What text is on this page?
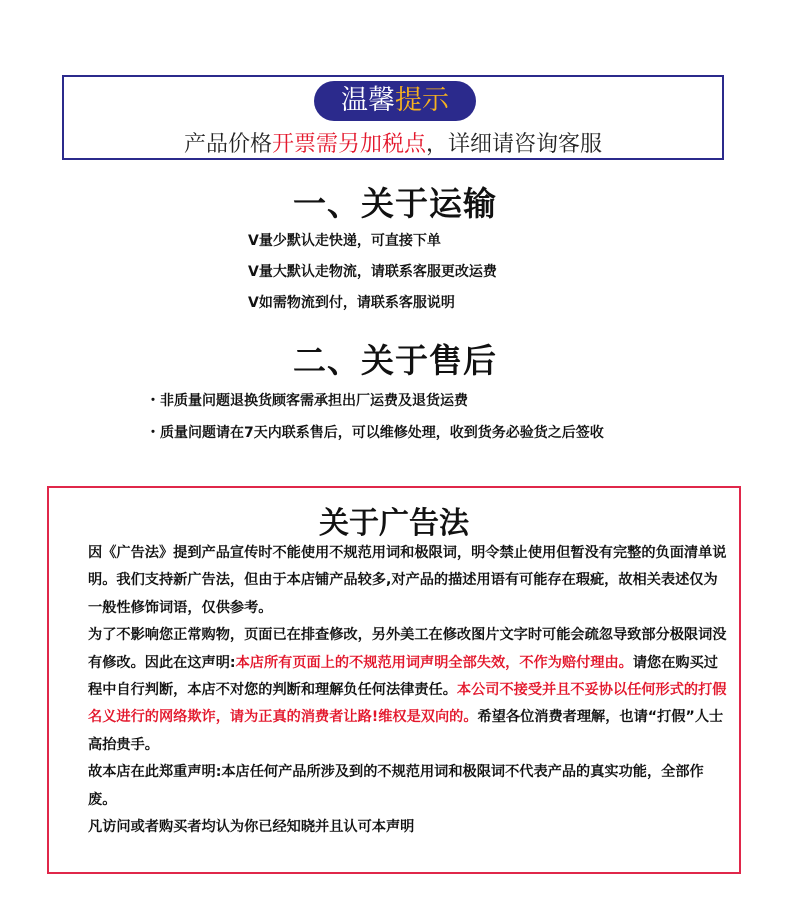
温馨提示
产品价格开票需另加税点，详细请咨询客服
一、关于运输
V量少默认走快递，可直接下单
V量大默认走物流，请联系客服更改运费
V如需物流到付，请联系客服说明
二、关于售后
・非质量问题退换货顾客需承担出厂运费及退货运费
・质量问题请在7天内联系售后，可以维修处理，收到货务必验货之后签收
关于广告法

因《广告法》提到产品宣传时不能使用不规范用词和极限词，明令禁止使用但暂没有完整的负面清单说明。我们支持新广告法，但由于本店铺产品较多,对产品的描述用语有可能存在瑕疵，故相关表述仅为一般性修饰词语，仅供参考。

为了不影响您正常购物，页面已在排查修改，另外美工在修改图片文字时可能会疏忽导致部分极限词没有修改。因此在这声明:本店所有页面上的不规范用词声明全部失效，不作为赔付理由。请您在购买过程中自行判断，本店不对您的判断和理解负任何法律责任。本公司不接受并且不妥协以任何形式的打假名义进行的网络欺诈，请为正真的消费者让路!维权是双向的。希望各位消费者理解，也请“打假”人士高抬贵手。

故本店在此郑重声明:本店任何产品所涉及到的不规范用词和极限词不代表产品的真实功能，全部作废。

凡访问或者购买者均认为你已经知晓并且认可本声明
